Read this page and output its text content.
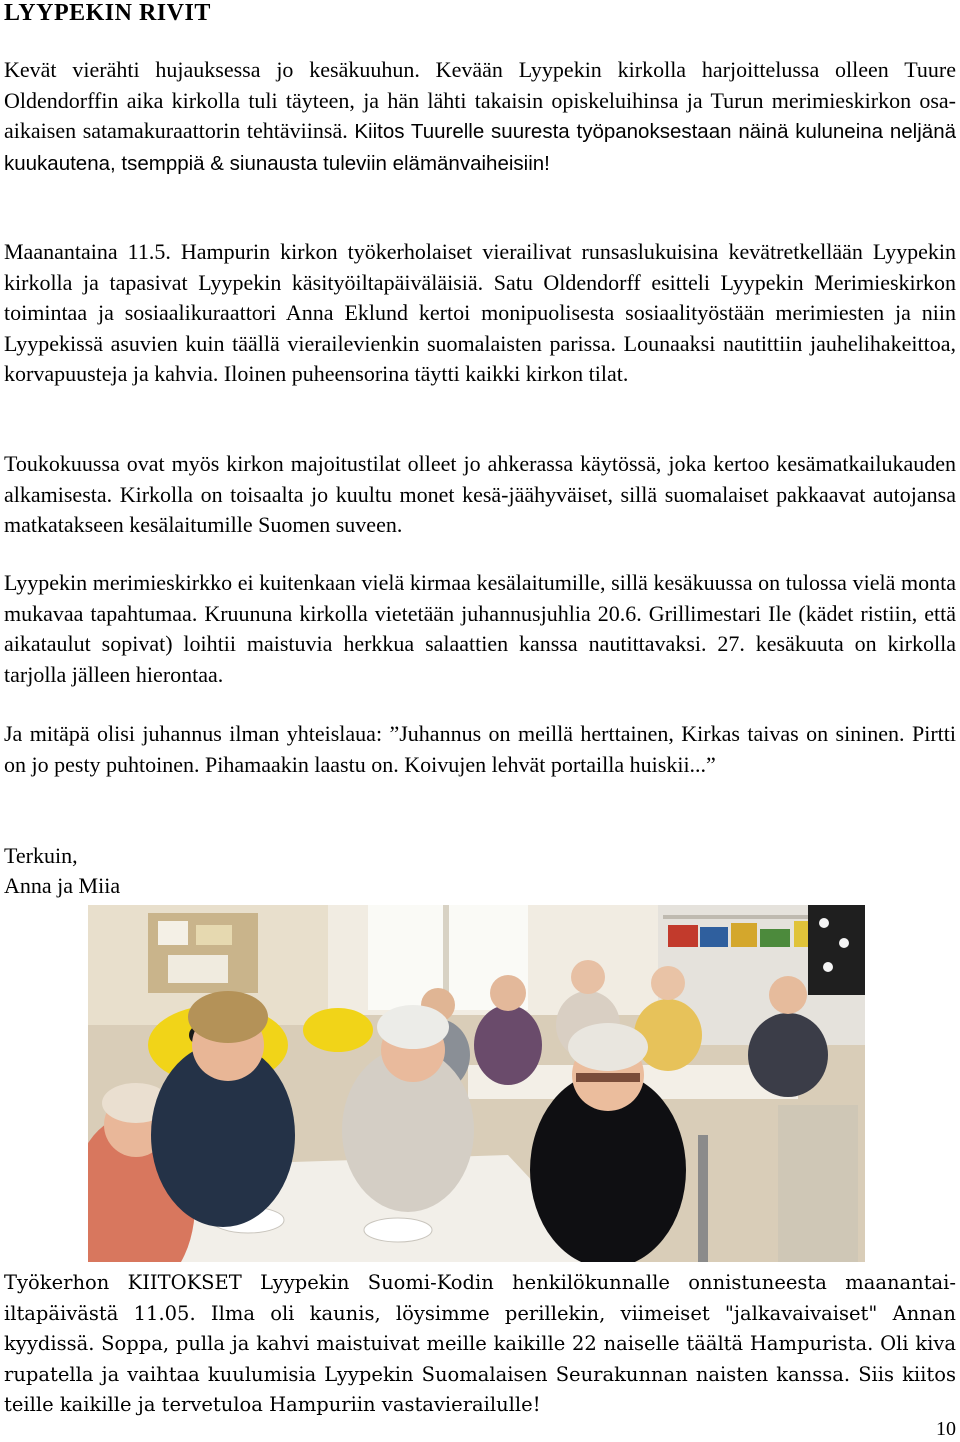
LYYPEKIN RIVIT

Kevät vierähti hujauksessa jo kesäkuuhun. Kevään Lyypekin kirkolla harjoittelussa olleen Tuure Oldendorffin aika kirkolla tuli täyteen, ja hän lähti takaisin opiskeluihinsa ja Turun merimieskirkon osa-aikaisen satamakuraattorin tehtäviinsä. Kiitos Tuurelle suuresta työpanoksestaan näinä kuluneina neljänä kuukautena, tsemppiä & siunausta tuleviin elämänvaiheisiin!

Maanantaina 11.5. Hampurin kirkon työkerholaiset vierailivat runsaslukuisina kevätretkellään Lyypekin kirkolla ja tapasivat Lyypekin käsityöiltapäiväläisiä. Satu Oldendorff esitteli Lyypekin Merimieskirkon toimintaa ja sosiaalikuraattori Anna Eklund kertoi monipuolisesta sosiaalityöstään merimiesten ja niin Lyypekissä asuvien kuin täällä vierailevienkin suomalaisten parissa. Lounaaksi nautittiin jauhelihakeittoa, korvapuusteja ja kahvia. Iloinen puheensorina täytti kaikki kirkon tilat.

Toukokuussa ovat myös kirkon majoitustilat olleet jo ahkerassa käytössä, joka kertoo kesämatkailukauden alkamisesta. Kirkolla on toisaalta jo kuultu monet kesä-jäähyväiset, sillä suomalaiset pakkaavat autojansa matkatakseen kesälaitumille Suomen suveen.

Lyypekin merimieskirkko ei kuitenkaan vielä kirmaa kesälaitumille, sillä kesäkuussa on tulossa vielä monta mukavaa tapahtumaa. Kruununa kirkolla vietetään juhannusjuhlia 20.6. Grillimestari Ile (kädet ristiin, että aikataulut sopivat) loihtii maistuvia herkkua salaattien kanssa nautittavaksi. 27. kesäkuuta on kirkolla tarjolla jälleen hierontaa.

Ja mitäpä olisi juhannus ilman yhteislaua: ”Juhannus on meillä herttainen, Kirkas taivas on sininen. Pirtti on jo pesty puhtoinen. Pihamaakin laastu on. Koivujen lehvät portailla huiskii...”

Terkuin,

Anna ja Miia

Työkerhon KIITOKSET Lyypekin Suomi-Kodin henkilökunnalle onnistuneesta maanantaiiltapäivästä 11.05. Ilma oli kaunis, löysimme perillekin, viimeiset "jalkavaivaiset" Annan kyydissä. Soppa, pulla ja kahvi maistuivat meille kaikille 22 naiselle täältä Hampurista. Oli kiva rupatella ja vaihtaa kuulumisia Lyypekin Suomalaisen Seurakunnan naisten kanssa. Siis kiitos teille kaikille ja tervetuloa Hampuriin vastavierailulle!

10
